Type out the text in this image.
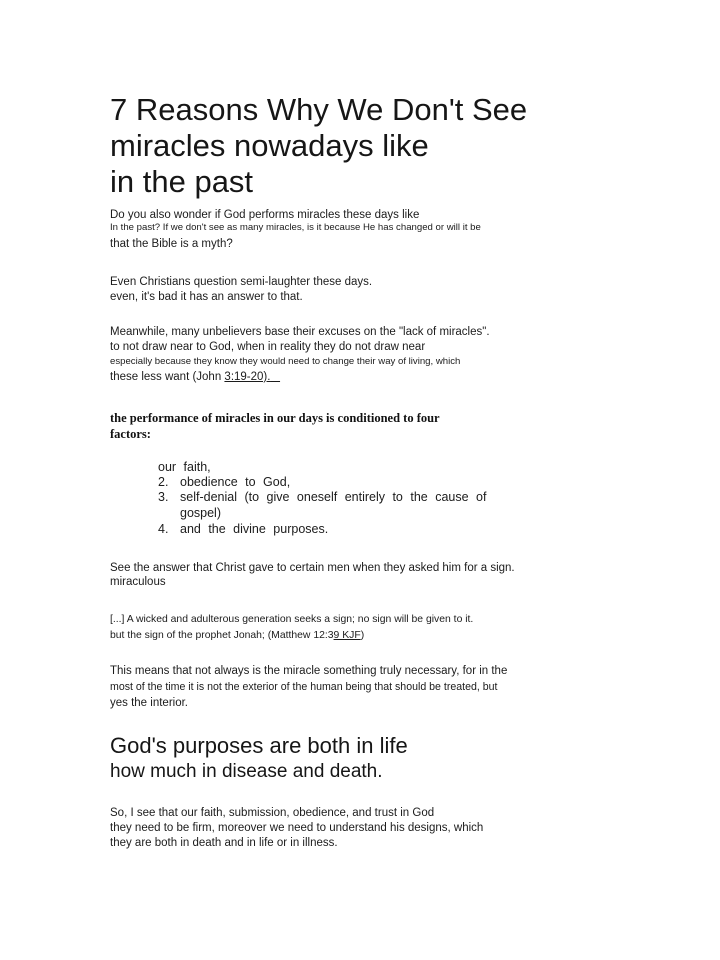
7 Reasons Why We Don't See
miracles nowadays like
in the past
Do you also wonder if God performs miracles these days like
In the past? If we don't see as many miracles, is it because He has changed or will it be
that the Bible is a myth?
Even Christians question semi-laughter these days.
even, it's bad it has an answer to that.
Meanwhile, many unbelievers base their excuses on the "lack of miracles".
to not draw near to God, when in reality they do not draw near
especially because they know they would need to change their way of living, which
these less want (John 3:19-20).
the performance of miracles in our days is conditioned to four
factors:
our faith,
2. obedience to God,
3. self-denial (to give oneself entirely to the cause of
gospel)
4. and the divine purposes.
See the answer that Christ gave to certain men when they asked him for a sign.
miraculous
[...] A wicked and adulterous generation seeks a sign; no sign will be given to it.
but the sign of the prophet Jonah; (Matthew 12:39 KJF)
This means that not always is the miracle something truly necessary, for in the
most of the time it is not the exterior of the human being that should be treated, but
yes the interior.
God's purposes are both in life
how much in disease and death.
So, I see that our faith, submission, obedience, and trust in God
they need to be firm, moreover we need to understand his designs, which
they are both in death and in life or in illness.
